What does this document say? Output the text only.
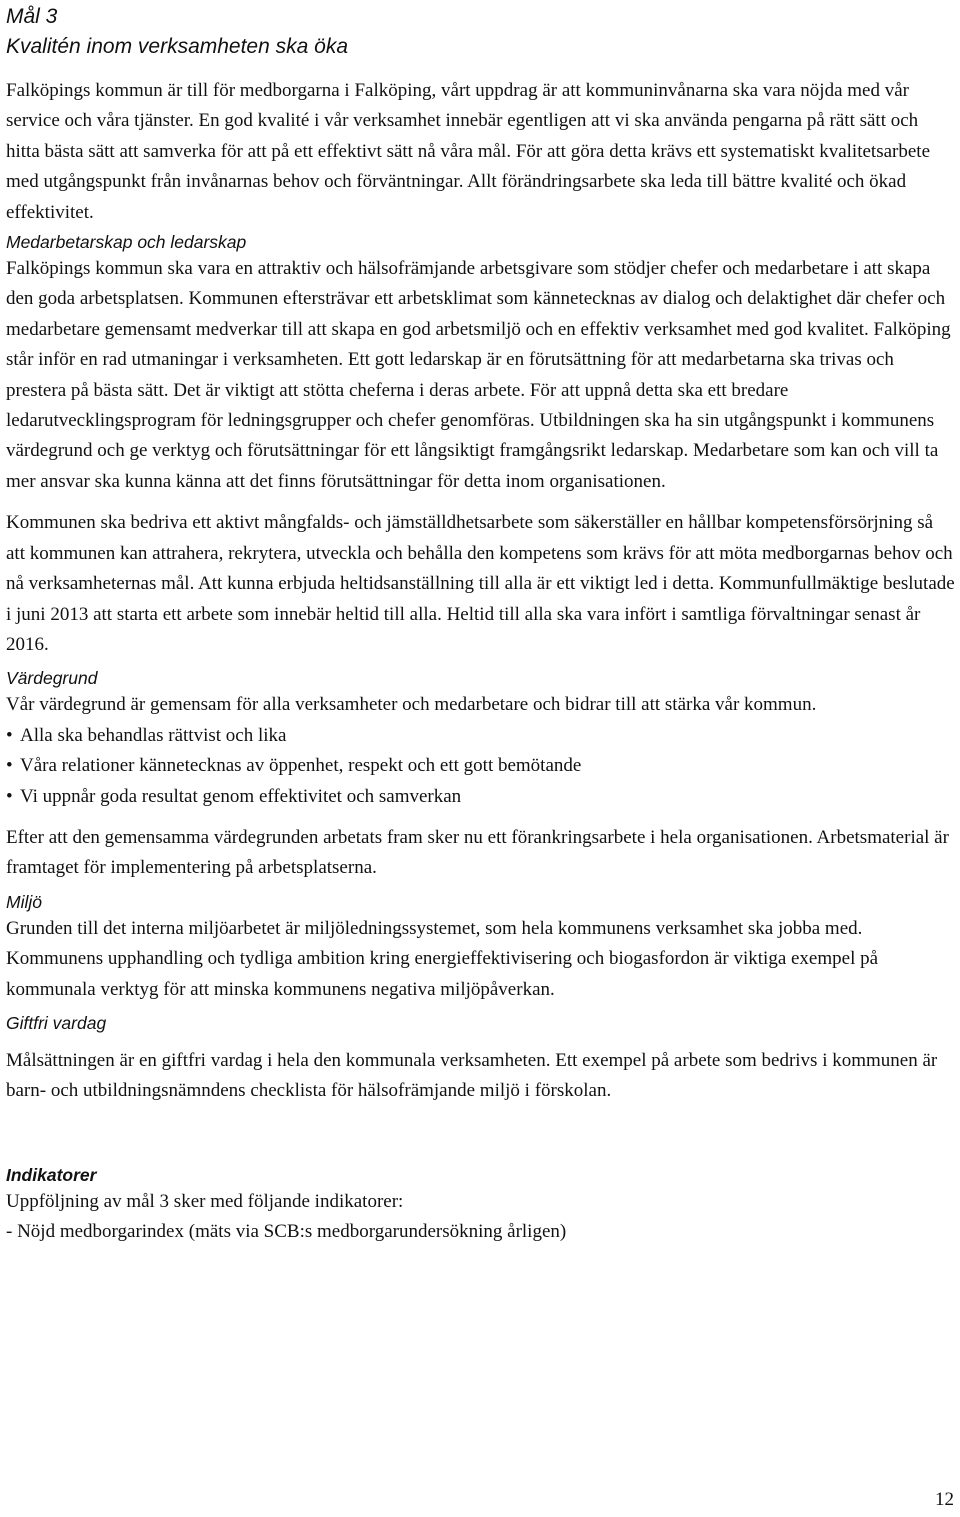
Mål 3
Kvalitén inom verksamheten ska öka

Falköpings kommun är till för medborgarna i Falköping, vårt uppdrag är att kommuninvånarna ska vara nöjda med vår service och våra tjänster. En god kvalité i vår verksamhet innebär egentligen att vi ska använda pengarna på rätt sätt och hitta bästa sätt att samverka för att på ett effektivt sätt nå våra mål. För att göra detta krävs ett systematiskt kvalitetsarbete med utgångspunkt från invånarnas behov och förväntningar. Allt förändringsarbete ska leda till bättre kvalité och ökad effektivitet.

Medarbetarskap och ledarskap

Falköpings kommun ska vara en attraktiv och hälsofrämjande arbetsgivare som stödjer chefer och medarbetare i att skapa den goda arbetsplatsen. Kommunen eftersträvar ett arbetsklimat som kännetecknas av dialog och delaktighet där chefer och medarbetare gemensamt medverkar till att skapa en god arbetsmiljö och en effektiv verksamhet med god kvalitet. Falköping står inför en rad utmaningar i verksamheten. Ett gott ledarskap är en förutsättning för att medarbetarna ska trivas och prestera på bästa sätt. Det är viktigt att stötta cheferna i deras arbete. För att uppnå detta ska ett bredare ledarutvecklingsprogram för ledningsgrupper och chefer genomföras. Utbildningen ska ha sin utgångspunkt i kommunens värdegrund och ge verktyg och förutsättningar för ett långsiktigt framgångsrikt ledarskap. Medarbetare som kan och vill ta mer ansvar ska kunna känna att det finns förutsättningar för detta inom organisationen.

Kommunen ska bedriva ett aktivt mångfalds- och jämställdhetsarbete som säkerställer en hållbar kompetensförsörjning så att kommunen kan attrahera, rekrytera, utveckla och behålla den kompetens som krävs för att möta medborgarnas behov och nå verksamheternas mål. Att kunna erbjuda heltidsanställning till alla är ett viktigt led i detta. Kommunfullmäktige beslutade i juni 2013 att starta ett arbete som innebär heltid till alla. Heltid till alla ska vara infört i samtliga förvaltningar senast år 2016.

Värdegrund

Vår värdegrund är gemensam för alla verksamheter och medarbetare och bidrar till att stärka vår kommun.

• Alla ska behandlas rättvist och lika
• Våra relationer kännetecknas av öppenhet, respekt och ett gott bemötande
• Vi uppnår goda resultat genom effektivitet och samverkan

Efter att den gemensamma värdegrunden arbetats fram sker nu ett förankringsarbete i hela organisationen. Arbetsmaterial är framtaget för implementering på arbetsplatserna.

Miljö

Grunden till det interna miljöarbetet är miljöledningssystemet, som hela kommunens verksamhet ska jobba med. Kommunens upphandling och tydliga ambition kring energieffektivisering och biogasfordon är viktiga exempel på kommunala verktyg för att minska kommunens negativa miljöpåverkan.

Giftfri vardag

Målsättningen är en giftfri vardag i hela den kommunala verksamheten. Ett exempel på arbete som bedrivs i kommunen är barn- och utbildningsnämndens checklista för hälsofrämjande miljö i förskolan.

Indikatorer

Uppföljning av mål 3 sker med följande indikatorer:

- Nöjd medborgarindex (mäts via SCB:s medborgarundersökning årligen)

12
